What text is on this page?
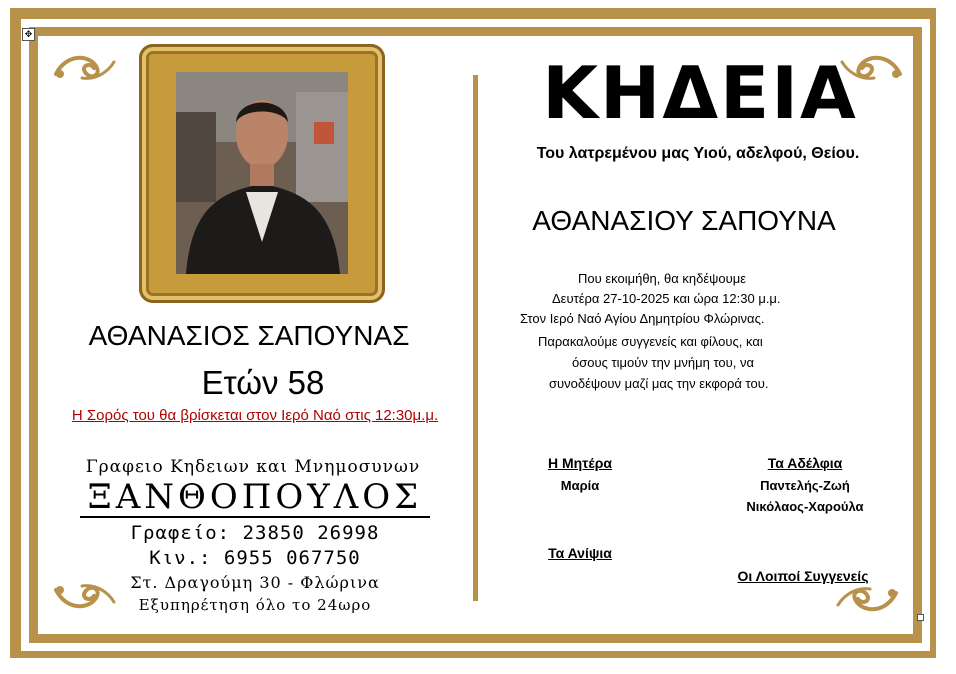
✥
ΑΘΑΝΑΣΙΟΣ ΣΑΠΟΥΝΑΣ
Ετών 58
Η Σορός του θα βρίσκεται στον Ιερό Ναό στις 12:30μ.μ.
Γραφειο Κηδειων και Μνημοσυνων
ΞΑΝΘΟΠΟΥΛΟΣ
Γραφείο: 23850 26998
Κιν.: 6955 067750
Στ. Δραγούμη 30 - Φλώρινα
Εξυπηρέτηση όλο το 24ωρο
ΚΗΔΕΙΑ
Του λατρεμένου μας Υιού, αδελφού, Θείου.
ΑΘΑΝΑΣΙΟΥ ΣΑΠΟΥΝΑ
Που εκοιμήθη, θα κηδέψουμε
Δευτέρα 27-10-2025 και ώρα 12:30 μ.μ.
Στον Ιερό Ναό Αγίου Δημητρίου Φλώρινας.
Παρακαλούμε συγγενείς και φίλους, και
όσους τιμούν την μνήμη του, να
συνοδέψουν μαζί μας την εκφορά του.
Η Μητέρα
Μαρία
Τα Αδέλφια
Παντελής-Ζωή
Νικόλαος-Χαρούλα
Τα Ανίψια
Οι Λοιποί Συγγενείς
